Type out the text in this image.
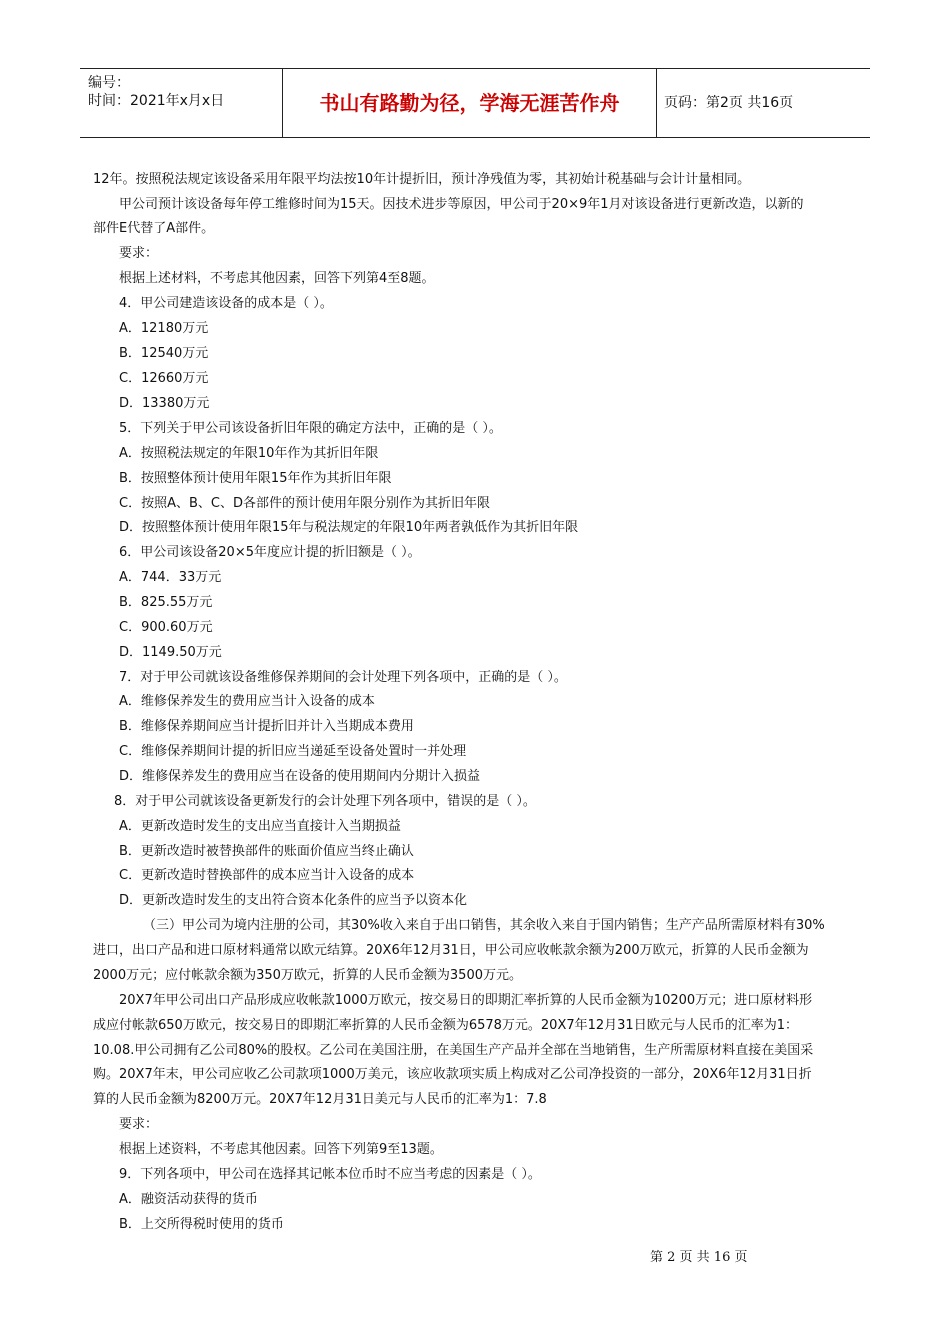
编号：
时间：2021年x月x日	书山有路勤为径，学海无涯苦作舟	页码：第2页 共16页
12年。按照税法规定该设备采用年限平均法按10年计提折旧，预计净残值为零，其初始计税基础与会计计量相同。
甲公司预计该设备每年停工维修时间为15天。因技术进步等原因，甲公司于20×9年1月对该设备进行更新改造，以新的
部件E代替了A部件。
要求：
根据上述材料，不考虑其他因素，回答下列第4至8题。
4．甲公司建造该设备的成本是（ ）。
A．12180万元
B．12540万元
C．12660万元
D．13380万元
5．下列关于甲公司该设备折旧年限的确定方法中，正确的是（ ）。
A．按照税法规定的年限10年作为其折旧年限
B．按照整体预计使用年限15年作为其折旧年限
C．按照A、B、C、D各部件的预计使用年限分别作为其折旧年限
D．按照整体预计使用年限15年与税法规定的年限10年两者孰低作为其折旧年限
6．甲公司该设备20×5年度应计提的折旧额是（ ）。
A．744．33万元
B．825.55万元
C．900.60万元
D．1149.50万元
7．对于甲公司就该设备维修保养期间的会计处理下列各项中，正确的是（ ）。
A．维修保养发生的费用应当计入设备的成本
B．维修保养期间应当计提折旧并计入当期成本费用
C．维修保养期间计提的折旧应当递延至设备处置时一并处理
D．维修保养发生的费用应当在设备的使用期间内分期计入损益
8．对于甲公司就该设备更新发行的会计处理下列各项中，错误的是（ ）。
A．更新改造时发生的支出应当直接计入当期损益
B．更新改造时被替换部件的账面价值应当终止确认
C．更新改造时替换部件的成本应当计入设备的成本
D．更新改造时发生的支出符合资本化条件的应当予以资本化
（三）甲公司为境内注册的公司，其30%收入来自于出口销售，其余收入来自于国内销售；生产产品所需原材料有30%
进口，出口产品和进口原材料通常以欧元结算。20X6年12月31日，甲公司应收帐款余额为200万欧元，折算的人民币金额为
2000万元；应付帐款余额为350万欧元，折算的人民币金额为3500万元。
20X7年甲公司出口产品形成应收帐款1000万欧元，按交易日的即期汇率折算的人民币金额为10200万元；进口原材料形
成应付帐款650万欧元，按交易日的即期汇率折算的人民币金额为6578万元。20X7年12月31日欧元与人民币的汇率为1：
10.08.甲公司拥有乙公司80%的股权。乙公司在美国注册，在美国生产产品并全部在当地销售，生产所需原材料直接在美国采
购。20X7年末，甲公司应收乙公司款项1000万美元，该应收款项实质上构成对乙公司净投资的一部分，20X6年12月31日折
算的人民币金额为8200万元。20X7年12月31日美元与人民币的汇率为1：7.8
要求：
根据上述资料，不考虑其他因素。回答下列第9至13题。
9．下列各项中，甲公司在选择其记帐本位币时不应当考虑的因素是（ ）。
A．融资活动获得的货币
B．上交所得税时使用的货币
第 2 页 共 16 页
